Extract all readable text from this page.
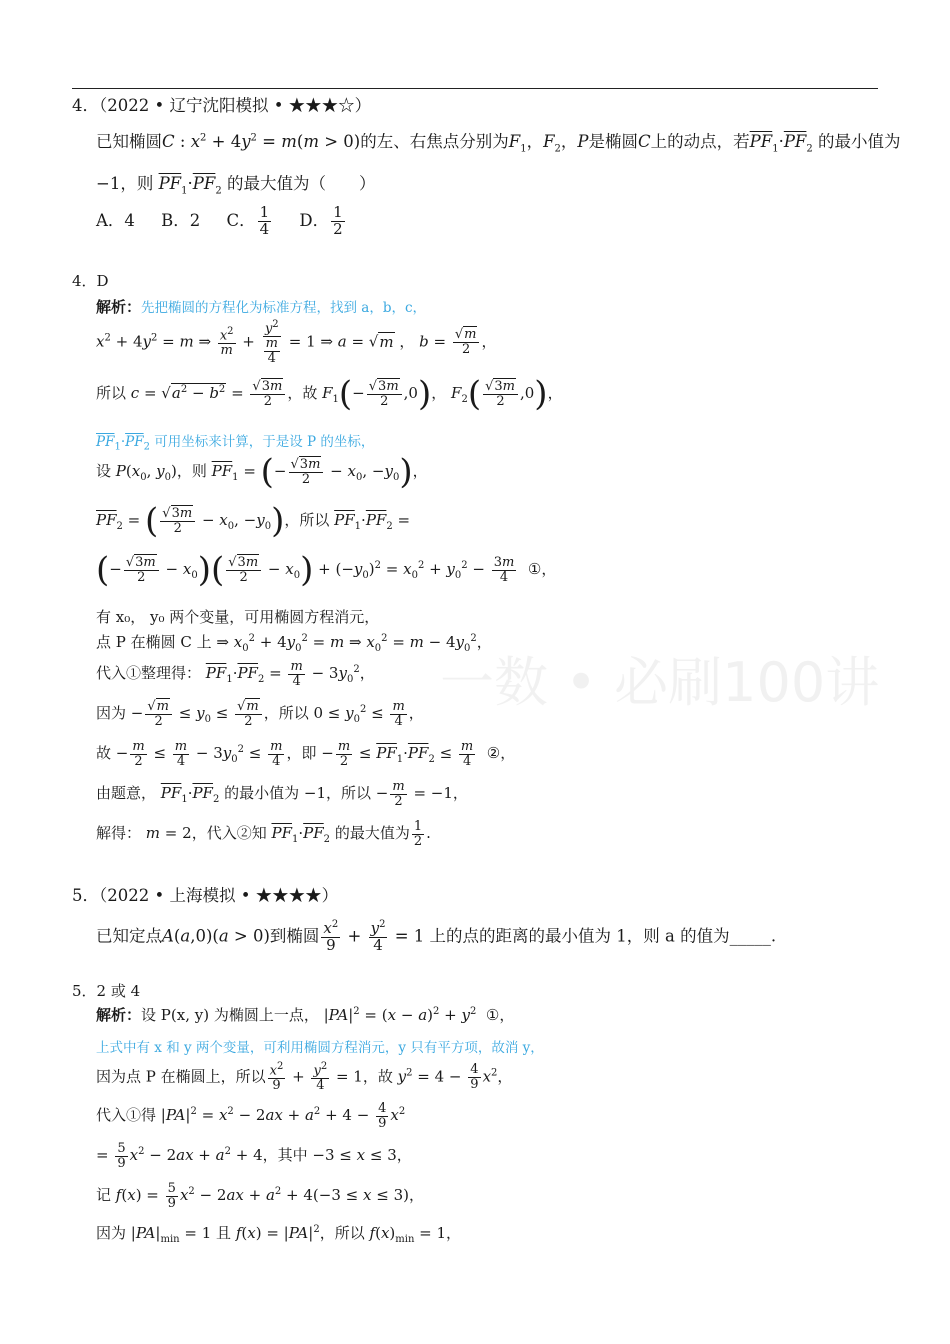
一数 • 必刷100讲
4．（2022 • 辽宁沈阳模拟 • ★★★☆）
已知椭圆C : $x^2 + 4y^2 = m(m > 0)$的左、右焦点分别为$F_1$，$F_2$，P是椭圆C上的动点，若$\overline{PF}_1\cdot\overline{PF}_2$ 的最小值为
−1，则 $\overline{PF}_1\cdot\overline{PF}_2$ 的最大值为（　　）
A．4 B．2 C． $\frac{1}{4}$ D． $\frac{1}{2}$
4．D
解析：先把椭圆的方程化为标准方程，找到 a，b，c，
$x^2 + 4y^2 = m$ ⇒ $\frac{x^2}{m} + \frac{y^2}{\frac{m}{4}} = 1$ ⇒ a = √m ， $b = \frac{√m}{2}$ ，
所以 $c = √a^2 - b^2 = \frac{√3m}{2}$ ，故 $F_1(- \frac{√3m}{2} ,0)$， $F_2( \frac{√3m}{2} ,0)$，
$\overline{PF}_1\cdot\overline{PF}_2$ 可用坐标来计算，于是设 P 的坐标，
设 $P(x_0$, $y_0$)，则 $\overline{PF}_1$ = (− $\frac{√3m}{2} - x_0$, $-y_0$)，
$\overline{PF}_2$ = ( $\frac{√3m}{2} - x_0$, $-y_0$)，所以 $\overline{PF}_1\cdot\overline{PF}_2$ =
(− $\frac{√3m}{2} - x_0)( \frac{√3m}{2} - x_0) + (-y_0)^2 = x_0^2 + y_0^2 - \frac{3m}{4}$ ①，
有 x₀， y₀ 两个变量，可用椭圆方程消元，
点 P 在椭圆 C 上 ⇒ $x_0^2 + 4y_0^2 = m$ ⇒ $x_0^2 = m - 4y_0^2$，
代入①整理得： $\overline{PF}_1\cdot\overline{PF}_2 = \frac{m}{4} - 3y_0^2$，
因为 − $\frac{√m}{2} \le y_0 \le \frac{√m}{2}$ ，所以 $0 \le y_0^2 \le \frac{m}{4}$ ，
故 − $\frac{m}{2} \le \frac{m}{4} - 3y_0^2 \le \frac{m}{4}$ ，即 − $\frac{m}{2} \le \overline{PF}_1\cdot\overline{PF}_2 \le \frac{m}{4}$ ②，
由题意， $\overline{PF}_1\cdot\overline{PF}_2$ 的最小值为 −1，所以 − $\frac{m}{2} = -1$，
解得： m = 2，代入②知 $\overline{PF}_1\cdot\overline{PF}_2$ 的最大值为 $\frac{1}{2}$ .
5．（2022 • 上海模拟 • ★★★★）
已知定点A(a,0)(a > 0)到椭圆 $\frac{x^2}{9} + \frac{y^2}{4} = 1$ 上的点的距离的最小值为 1，则 a 的值为_____.
5．2 或 4
解析：设 P(x, y) 为椭圆上一点， $|PA|^2 = (x - a)^2 + y^2$  ①，
上式中有 x 和 y 两个变量，可利用椭圆方程消元，y 只有平方项，故消 y，
因为点 P 在椭圆上，所以 $\frac{x^2}{9} + \frac{y^2}{4} = 1$，故 $y^2 = 4 - \frac{4}{9} x^2$，
代入①得 $|PA|^2 = x^2 - 2ax + a^2 + 4 - \frac{4}{9} x^2$
= $\frac{5}{9} x^2 - 2ax + a^2 + 4$，其中 −3 ≤ x ≤ 3，
记 $f(x) = \frac{5}{9} x^2 - 2ax + a^2 + 4(-3 \le x \le 3)$，
因为 $|PA|_{min} = 1$ 且 $f(x) = |PA|^2$，所以 $f(x)_{min} = 1$，
